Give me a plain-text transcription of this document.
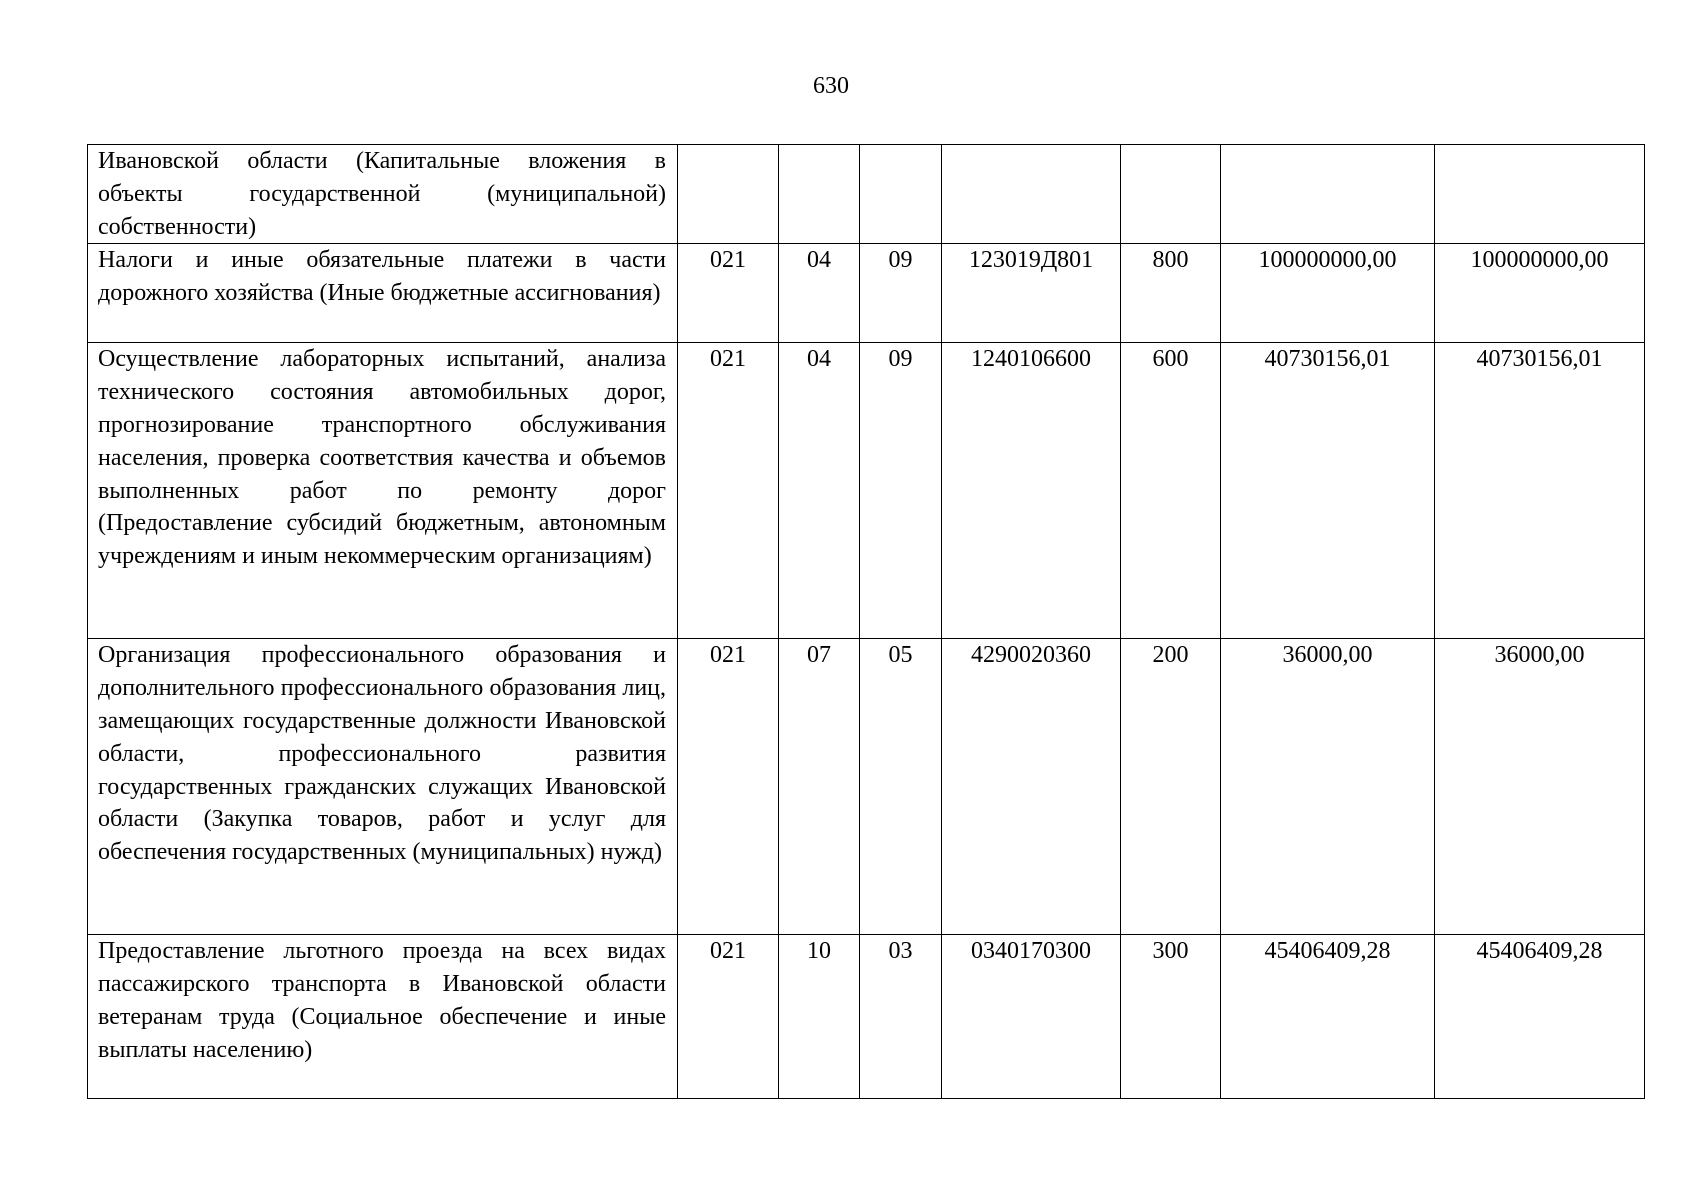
630
Ивановской области (Капитальные вложения в объекты государственной (муниципальной) собственности)							
Налоги и иные обязательные платежи в части дорожного хозяйства (Иные бюджетные ассигнования)	021	04	09	123019Д801	800	100000000,00	100000000,00
Осуществление лабораторных испытаний, анализа технического состояния автомобильных дорог, прогнозирование транспортного обслуживания населения, проверка соответствия качества и объемов выполненных работ по ремонту дорог (Предоставление субсидий бюджетным, автономным учреждениям и иным некоммерческим организациям)	021	04	09	1240106600	600	40730156,01	40730156,01
Организация профессионального образования и дополнительного профессионального образования лиц, замещающих государственные должности Ивановской области, профессионального развития государственных гражданских служащих Ивановской области (Закупка товаров, работ и услуг для обеспечения государственных (муниципальных) нужд)	021	07	05	4290020360	200	36000,00	36000,00
Предоставление льготного проезда на всех видах пассажирского транспорта в Ивановской области ветеранам труда (Социальное обеспечение и иные выплаты населению)	021	10	03	0340170300	300	45406409,28	45406409,28
